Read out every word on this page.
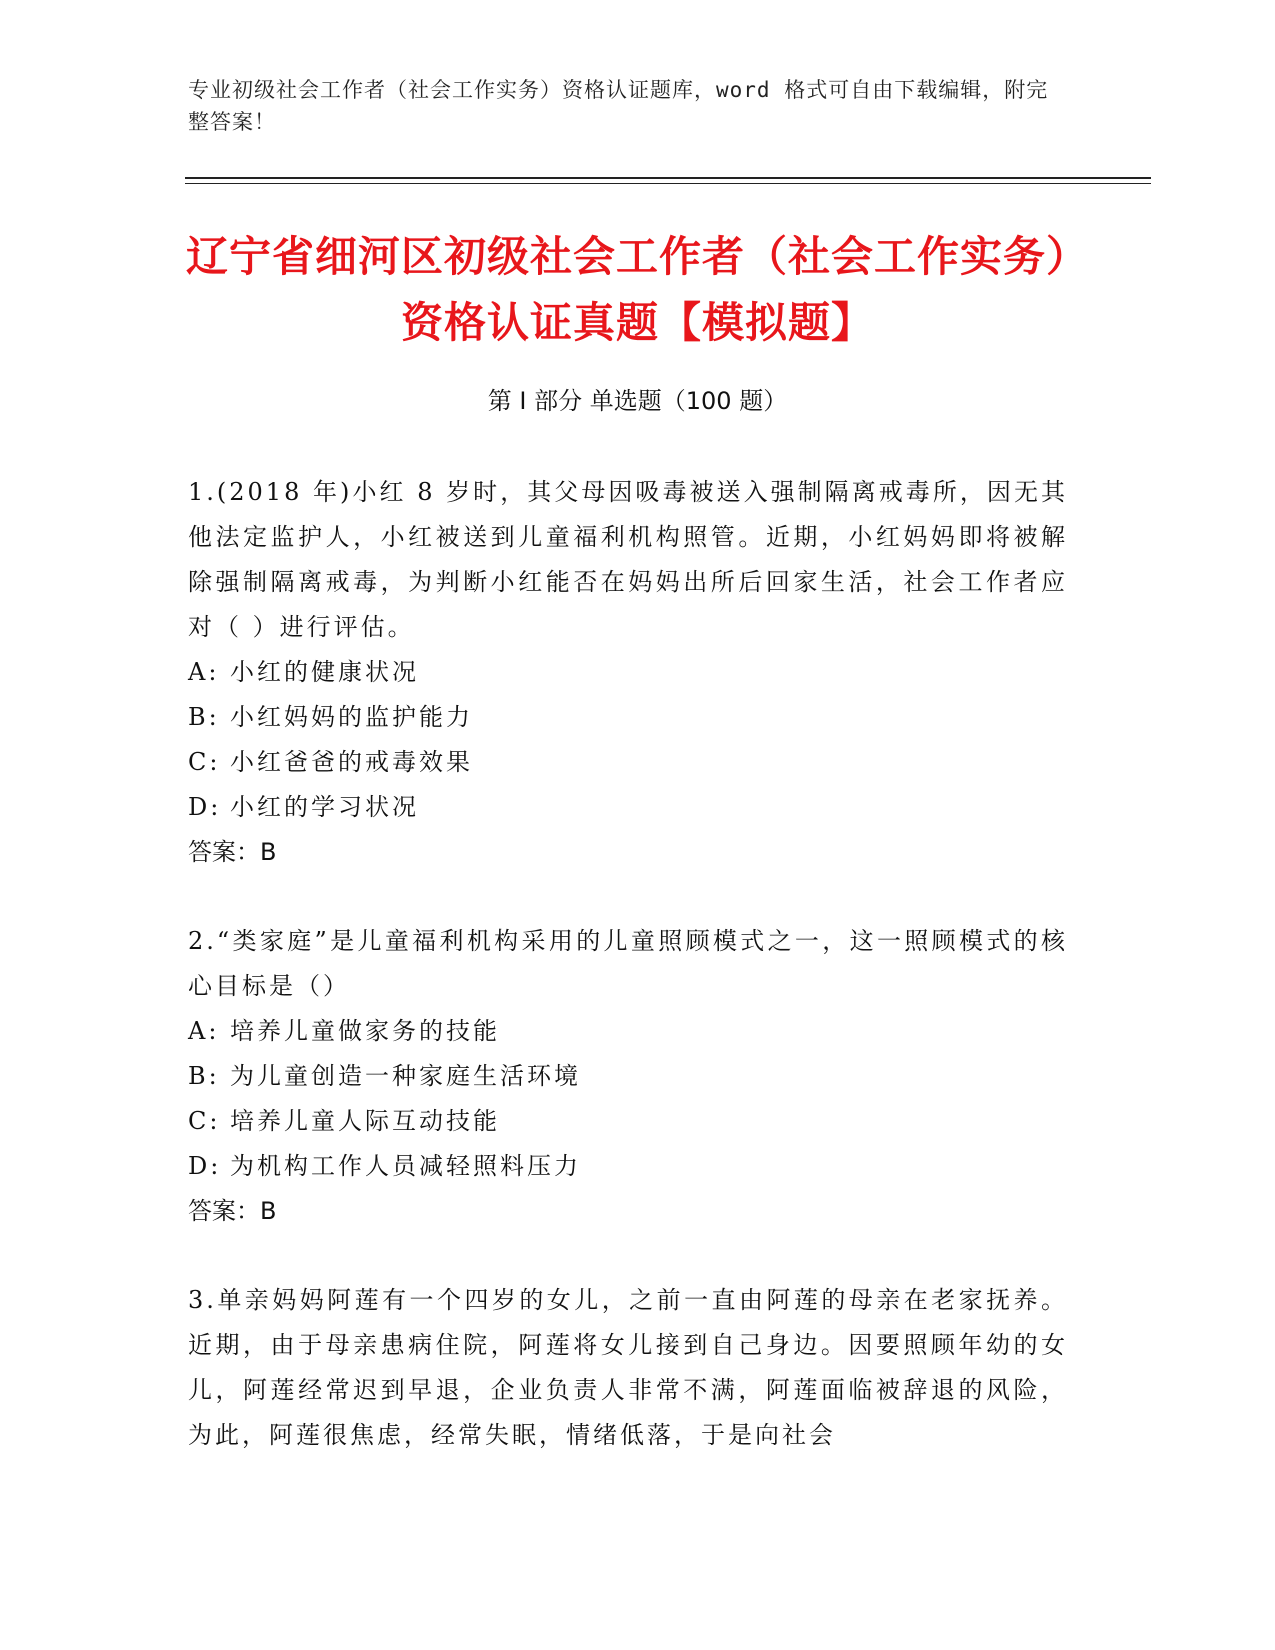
专业初级社会工作者（社会工作实务）资格认证题库，word 格式可自由下载编辑，附完整答案！
辽宁省细河区初级社会工作者（社会工作实务）资格认证真题【模拟题】
第 I 部分 单选题（100 题）

1.(2018 年)小红 8 岁时，其父母因吸毒被送入强制隔离戒毒所，因无其他法定监护人，小红被送到儿童福利机构照管。近期，小红妈妈即将被解除强制隔离戒毒，为判断小红能否在妈妈出所后回家生活，社会工作者应对（ ）进行评估。

A: 小红的健康状况

B: 小红妈妈的监护能力

C: 小红爸爸的戒毒效果

D: 小红的学习状况

答案：B

2.“类家庭”是儿童福利机构采用的儿童照顾模式之一，这一照顾模式的核心目标是（）

A: 培养儿童做家务的技能

B: 为儿童创造一种家庭生活环境

C: 培养儿童人际互动技能

D: 为机构工作人员减轻照料压力

答案：B

3.单亲妈妈阿莲有一个四岁的女儿，之前一直由阿莲的母亲在老家抚养。近期，由于母亲患病住院，阿莲将女儿接到自己身边。因要照顾年幼的女儿，阿莲经常迟到早退，企业负责人非常不满，阿莲面临被辞退的风险，为此，阿莲很焦虑，经常失眠，情绪低落，于是向社会
